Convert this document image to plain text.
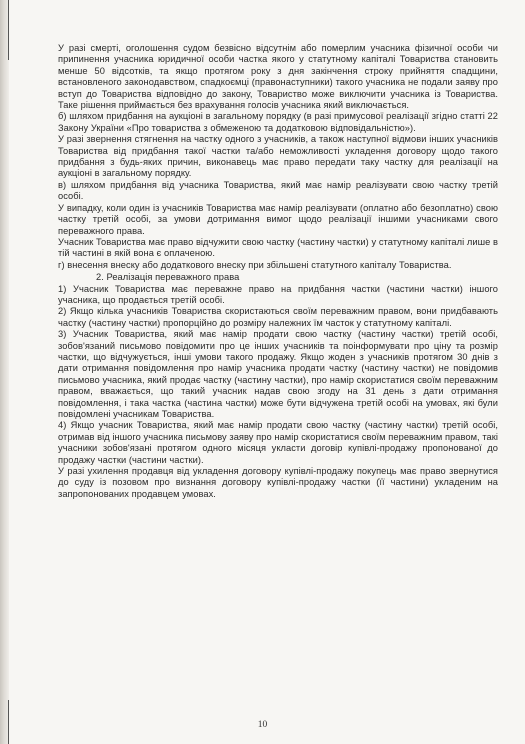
У разі смерті, оголошення судом безвісно відсутнім або померлим учасника фізичної особи чи припинення учасника юридичної особи частка якого у статутному капіталі Товариства становить менше 50 відсотків, та якщо протягом року з дня закінчення строку прийняття спадщини, встановленого законодавством, спадкоємці (правонаступники) такого учасника не подали заяву про вступ до Товариства відповідно до закону, Товариство може виключити учасника із Товариства. Таке рішення приймається без врахування голосів учасника який виключається.

б) шляхом придбання на аукціоні в загальному порядку (в разі примусової реалізації згідно статті 22 Закону України «Про товариства з обмеженою та додатковою відповідальністю»).

У разі звернення стягнення на частку одного з учасників, а також наступної відмови інших учасників Товариства від придбання такої частки та/або неможливості укладення договору щодо такого придбання з будь-яких причин, виконавець має право передати таку частку для реалізації на аукціоні в загальному порядку.

в) шляхом придбання від учасника Товариства, який має намір реалізувати свою частку третій особі.

У випадку, коли один із учасників Товариства має намір реалізувати (оплатно або безоплатно) свою частку третій особі, за умови дотримання вимог щодо реалізації іншими учасниками свого переважного права.

Учасник Товариства має право відчужити свою частку (частину частки) у статутному капіталі лише в тій частині в якій вона є оплаченою.

г) внесення внеску або додаткового внеску при збільшені статутного капіталу Товариства.

2. Реалізація переважного права

1) Учасник Товариства має переважне право на придбання частки (частини частки) іншого учасника, що продається третій особі.

2) Якщо кілька учасників Товариства скористаються своїм переважним правом, вони придбавають частку (частину частки) пропорційно до розміру належних їм часток у статутному капіталі.

3) Учасник Товариства, який має намір продати свою частку (частину частки) третій особі, зобов'язаний письмово повідомити про це інших учасників та поінформувати про ціну та розмір частки, що відчужується, інші умови такого продажу. Якщо жоден з учасників протягом 30 днів з дати отримання повідомлення про намір учасника продати частку (частину частки) не повідомив письмово учасника, який продає частку (частину частки), про намір скористатися своїм переважним правом, вважається, що такий учасник надав свою згоду на 31 день з дати отримання повідомлення, і така частка (частина частки) може бути відчужена третій особі на умовах, які були повідомлені учасникам Товариства.

4) Якщо учасник Товариства, який має намір продати свою частку (частину частки) третій особі, отримав від іншого учасника письмову заяву про намір скористатися своїм переважним правом, такі учасники зобов'язані протягом одного місяця укласти договір купівлі-продажу пропонованої до продажу частки (частини частки).

У разі ухилення продавця від укладення договору купівлі-продажу покупець має право звернутися до суду із позовом про визнання договору купівлі-продажу частки (її частини) укладеним на запропонованих продавцем умовах.

10
